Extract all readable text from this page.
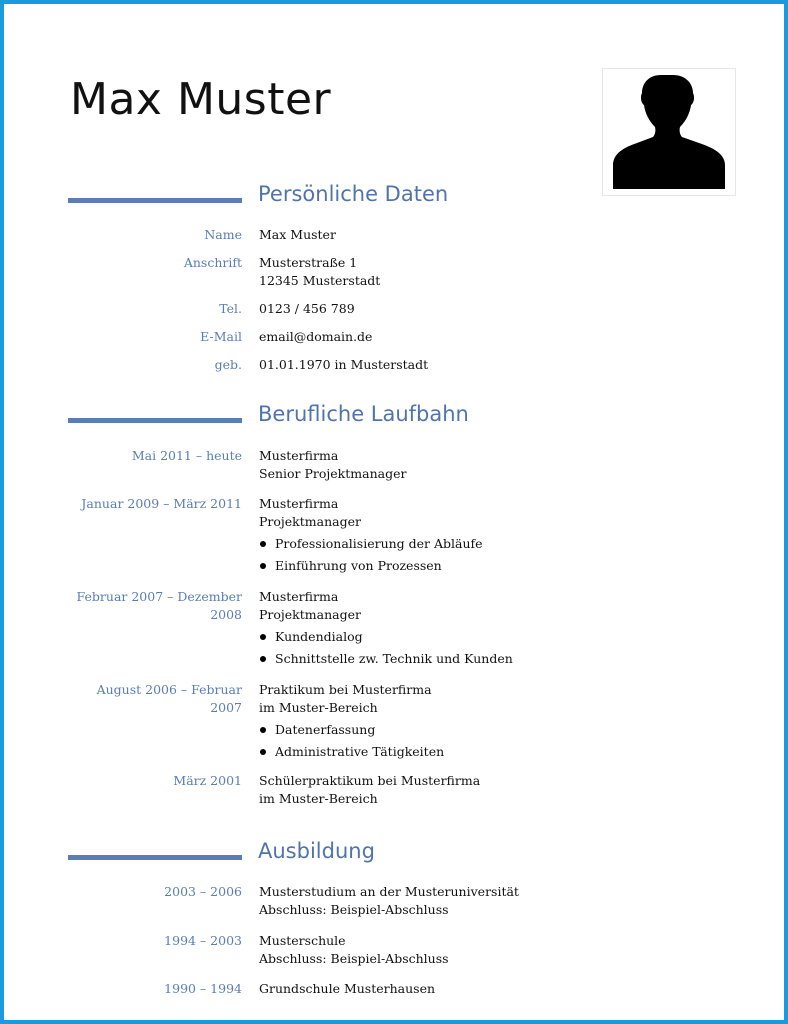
Max Muster
Persönliche Daten
Name Max Muster
Anschrift Musterstraße 1
12345 Musterstadt
Tel. 0123 / 456 789
E-Mail email@domain.de
geb. 01.01.1970 in Musterstadt
Berufliche Laufbahn
Mai 2011 – heute Musterfirma
Senior Projektmanager
Januar 2009 – März 2011 Musterfirma
Projektmanager
Professionalisierung der Abläufe
Einführung von Prozessen
Februar 2007 – Dezember
2008
Musterfirma
Projektmanager
Kundendialog
Schnittstelle zw. Technik und Kunden
August 2006 – Februar
2007
Praktikum bei Musterfirma
im Muster-Bereich
Datenerfassung
Administrative Tätigkeiten
März 2001 Schülerpraktikum bei Musterfirma
im Muster-Bereich
Ausbildung
2003 – 2006 Musterstudium an der Musteruniversität
Abschluss: Beispiel-Abschluss
1994 – 2003 Musterschule
Abschluss: Beispiel-Abschluss
1990 – 1994 Grundschule Musterhausen
